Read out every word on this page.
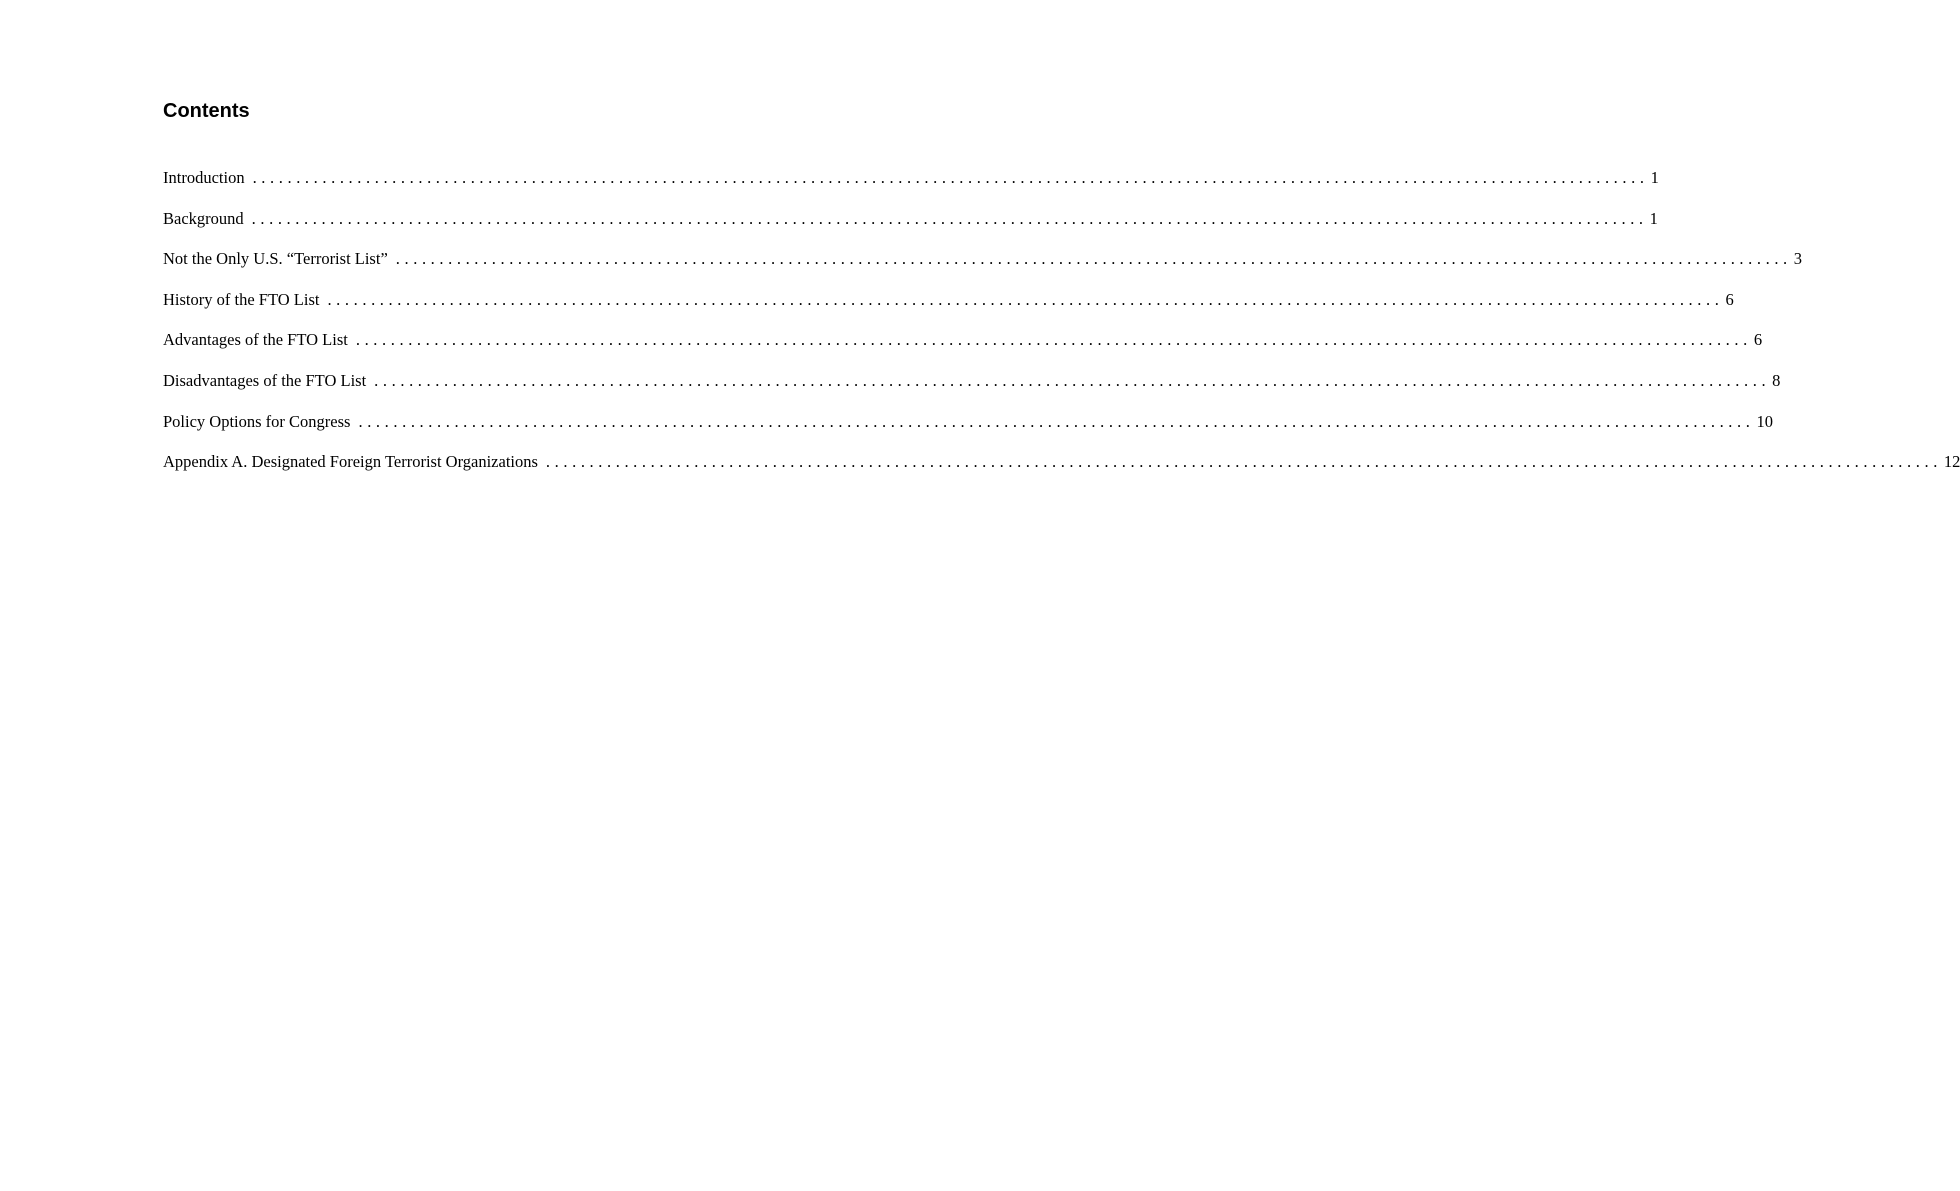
Contents
Introduction ................................................................................................................................................................ 1
Background ................................................................................................................................................................ 1
Not the Only U.S. “Terrorist List” ................................................................................................................................................................ 3
History of the FTO List ................................................................................................................................................................ 6
Advantages of the FTO List ................................................................................................................................................................ 6
Disadvantages of the FTO List ................................................................................................................................................................ 8
Policy Options for Congress ................................................................................................................................................................ 10
Appendix A. Designated Foreign Terrorist Organizations ................................................................................................................................................................ 12
